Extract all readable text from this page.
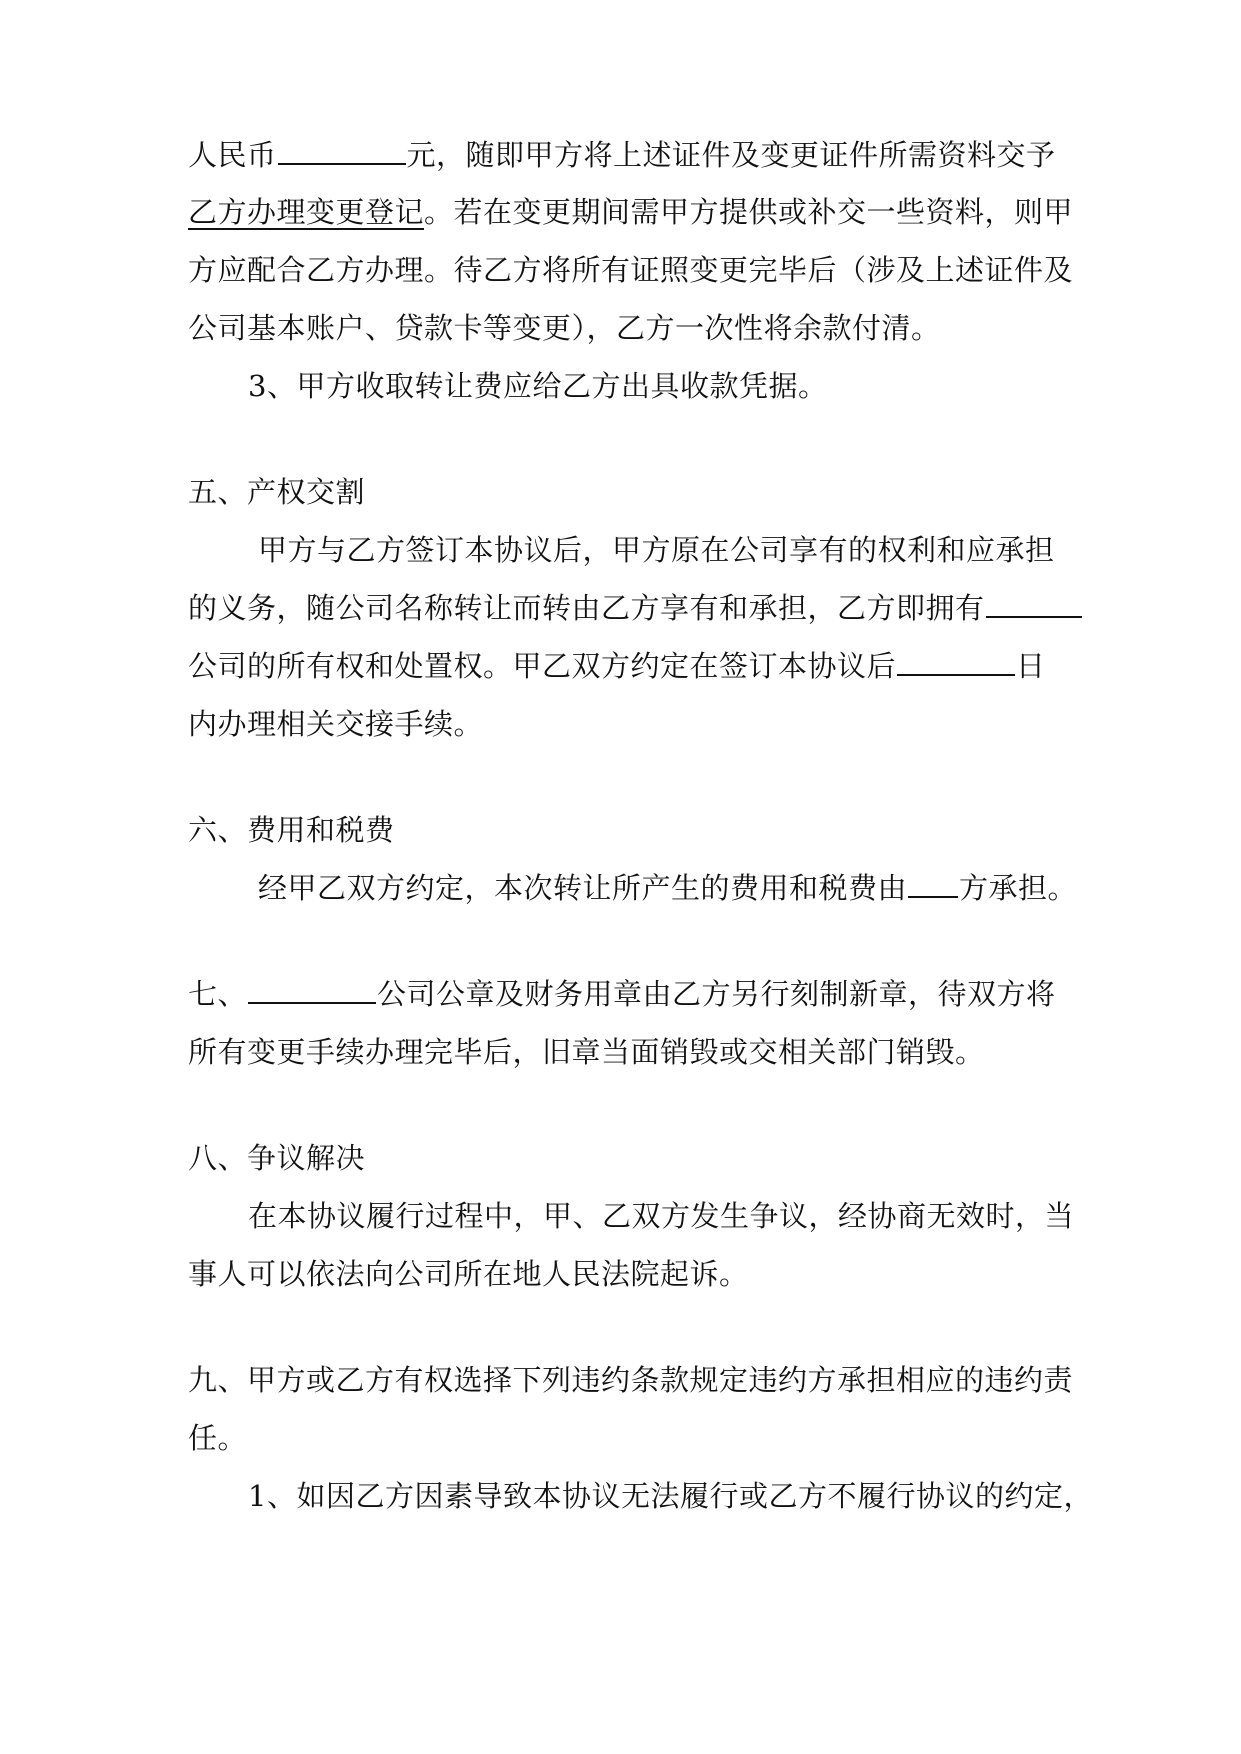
人民币	元，随即甲方将上述证件及变更证件所需资料交予
乙方办理变更登记。若在变更期间需甲方提供或补交一些资料，则甲
方应配合乙方办理。待乙方将所有证照变更完毕后（涉及上述证件及
公司基本账户、贷款卡等变更），乙方一次性将余款付清。
3、甲方收取转让费应给乙方出具收款凭据。
五、产权交割
甲方与乙方签订本协议后，甲方原在公司享有的权利和应承担
的义务，随公司名称转让而转由乙方享有和承担，乙方即拥有
公司的所有权和处置权。甲乙双方约定在签订本协议后	日
内办理相关交接手续。
六、费用和税费
经甲乙双方约定，本次转让所产生的费用和税费由 方承担。
七、	公司公章及财务用章由乙方另行刻制新章，待双方将
所有变更手续办理完毕后，旧章当面销毁或交相关部门销毁。
八、争议解决
在本协议履行过程中，甲、乙双方发生争议，经协商无效时，当
事人可以依法向公司所在地人民法院起诉。
九、甲方或乙方有权选择下列违约条款规定违约方承担相应的违约责
任。
1、如因乙方因素导致本协议无法履行或乙方不履行协议的约定，
